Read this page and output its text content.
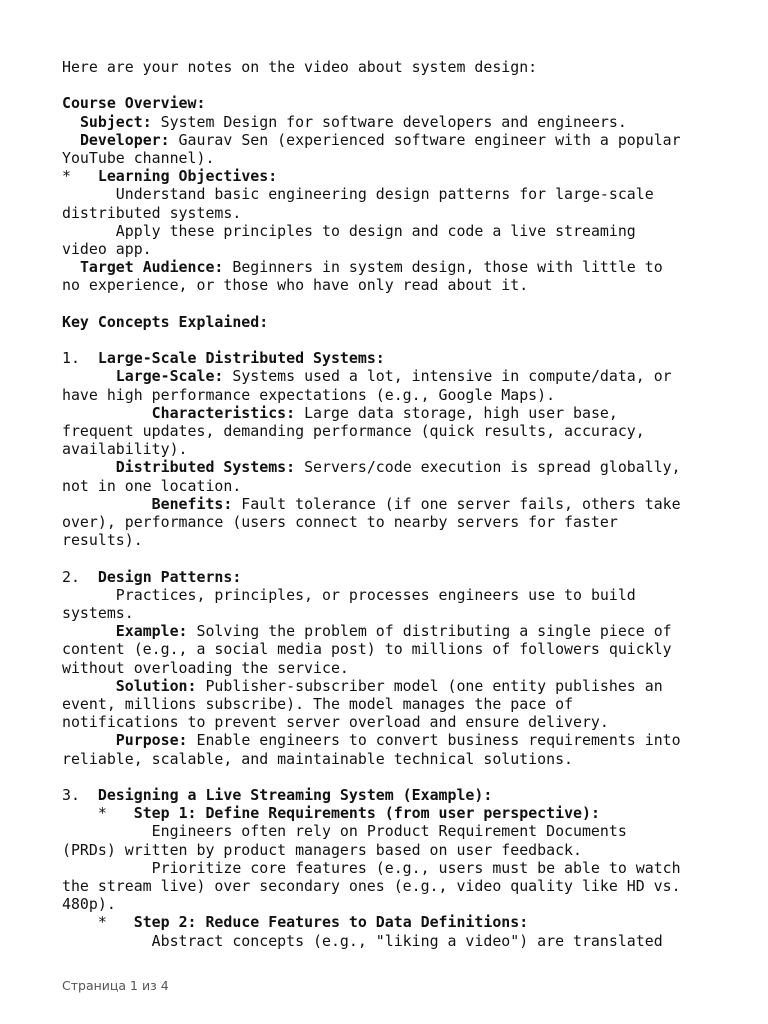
Here are your notes on the video about system design:
Course Overview:
Subject: System Design for software developers and engineers.
Developer: Gaurav Sen (experienced software engineer with a popular
YouTube channel).
*   Learning Objectives:
Understand basic engineering design patterns for large-scale
distributed systems.
Apply these principles to design and code a live streaming
video app.
Target Audience: Beginners in system design, those with little to
no experience, or those who have only read about it.
Key Concepts Explained:
1.  Large-Scale Distributed Systems:
Large-Scale: Systems used a lot, intensive in compute/data, or
have high performance expectations (e.g., Google Maps).
Characteristics: Large data storage, high user base,
frequent updates, demanding performance (quick results, accuracy,
availability).
Distributed Systems: Servers/code execution is spread globally,
not in one location.
Benefits: Fault tolerance (if one server fails, others take
over), performance (users connect to nearby servers for faster
results).
2.  Design Patterns:
Practices, principles, or processes engineers use to build
systems.
Example: Solving the problem of distributing a single piece of
content (e.g., a social media post) to millions of followers quickly
without overloading the service.
Solution: Publisher-subscriber model (one entity publishes an
event, millions subscribe). The model manages the pace of
notifications to prevent server overload and ensure delivery.
Purpose: Enable engineers to convert business requirements into
reliable, scalable, and maintainable technical solutions.
3.  Designing a Live Streaming System (Example):
*   Step 1: Define Requirements (from user perspective):
Engineers often rely on Product Requirement Documents
(PRDs) written by product managers based on user feedback.
Prioritize core features (e.g., users must be able to watch
the stream live) over secondary ones (e.g., video quality like HD vs.
480p).
*   Step 2: Reduce Features to Data Definitions:
Abstract concepts (e.g., "liking a video") are translated
Страница 1 из 4
